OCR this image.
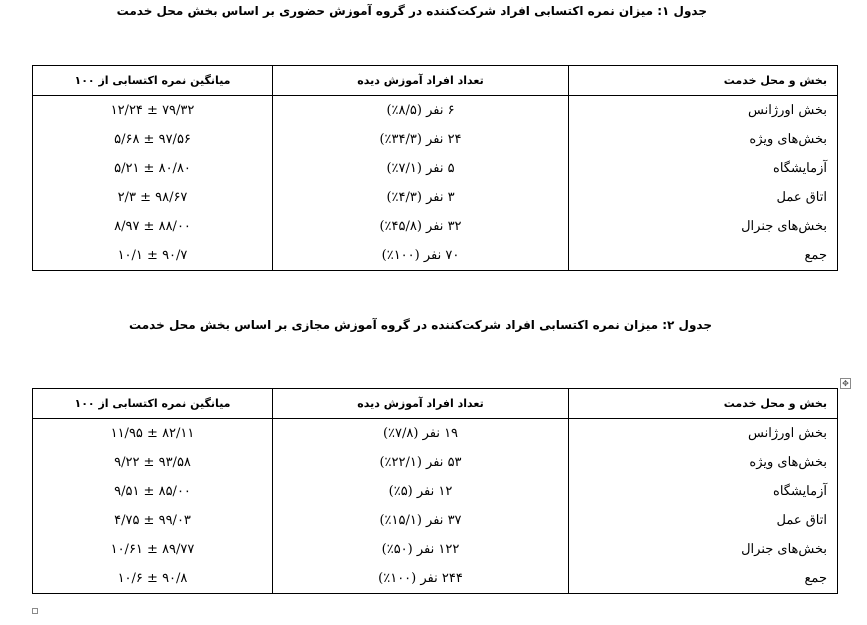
جدول ۱: میزان نمره اکتسابی افراد شرکت‌کننده در گروه آموزش حضوری بر اساس بخش محل خدمت
بخش و محل خدمت	تعداد افراد آموزش دیده	میانگین نمره اکتسابی از ۱۰۰
بخش اورژانس	۶ نفر (۸/۵٪)	۷۹/۳۲ ± ۱۲/۲۴
بخش‌های ویژه	۲۴ نفر (۳۴/۳٪)	۹۷/۵۶ ± ۵/۶۸
آزمایشگاه	۵ نفر (۷/۱٪)	۸۰/۸۰ ± ۵/۲۱
اتاق عمل	۳ نفر (۴/۳٪)	۹۸/۶۷ ± ۲/۳
بخش‌های جنرال	۳۲ نفر (۴۵/۸٪)	۸۸/۰۰ ± ۸/۹۷
جمع	۷۰ نفر (۱۰۰٪)	۹۰/۷ ± ۱۰/۱
جدول ۲: میزان نمره اکتسابی افراد شرکت‌کننده در گروه آموزش مجازی بر اساس بخش محل خدمت
✥
بخش و محل خدمت	تعداد افراد آموزش دیده	میانگین نمره اکتسابی از ۱۰۰
بخش اورژانس	۱۹ نفر (۷/۸٪)	۸۲/۱۱ ± ۱۱/۹۵
بخش‌های ویژه	۵۳ نفر (۲۲/۱٪)	۹۳/۵۸ ± ۹/۲۲
آزمایشگاه	۱۲ نفر (۵٪)	۸۵/۰۰ ± ۹/۵۱
اتاق عمل	۳۷ نفر (۱۵/۱٪)	۹۹/۰۳ ± ۴/۷۵
بخش‌های جنرال	۱۲۲ نفر (۵۰٪)	۸۹/۷۷ ± ۱۰/۶۱
جمع	۲۴۴ نفر (۱۰۰٪)	۹۰/۸ ± ۱۰/۶
